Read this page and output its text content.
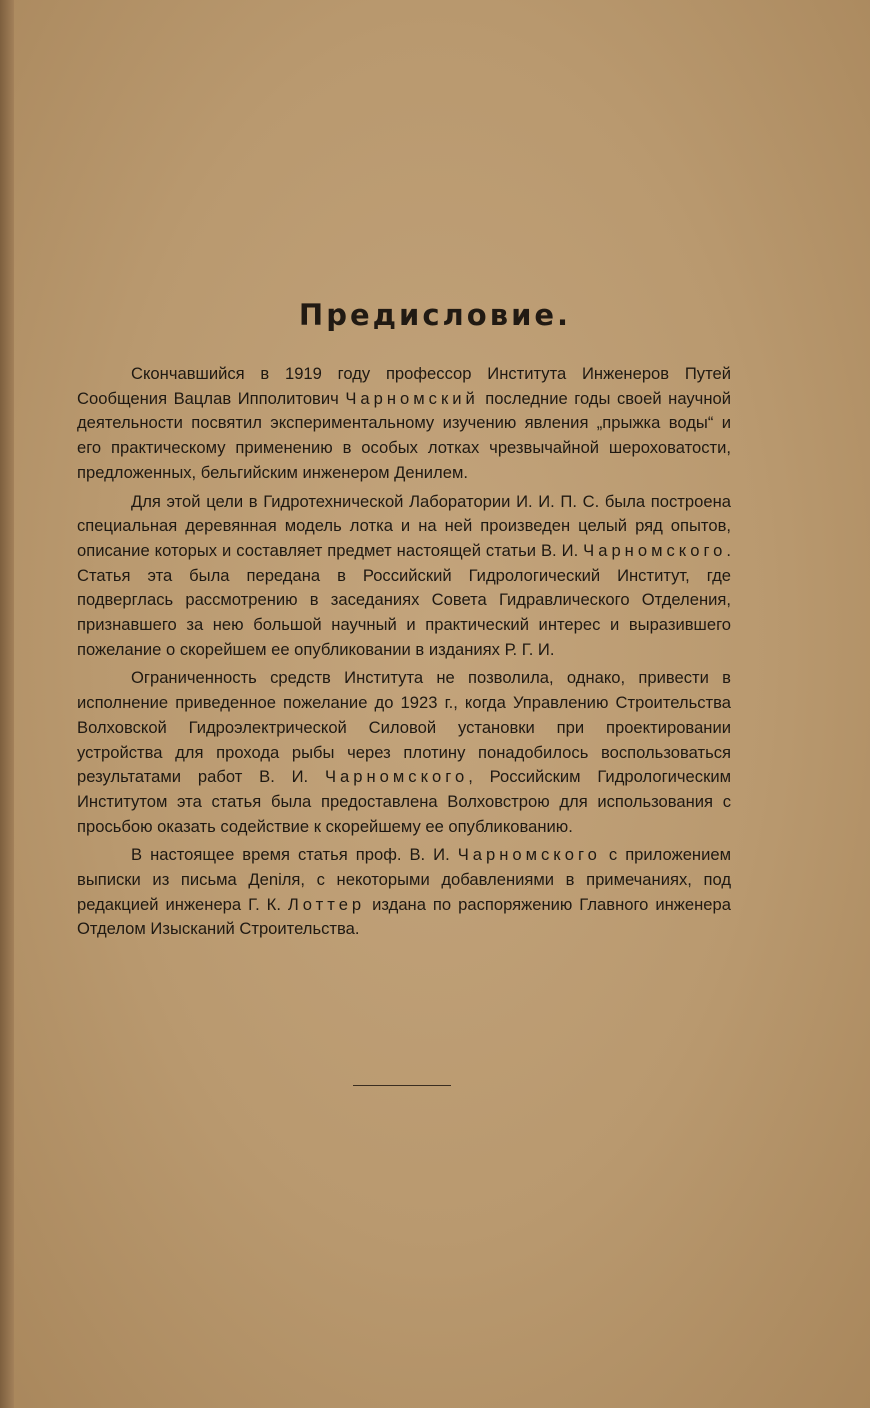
Предисловие.

Скончавшийся в 1919 году профессор Института Инженеров Путей Сообщения Вацлав Ипполитович Чарномский последние годы своей научной деятельности посвятил экспериментальному изучению явления „прыжка воды“ и его практическому применению в особых лотках чрезвычайной шероховатости, предложенных, бельгийским инженером Денилем.

Для этой цели в Гидротехнической Лаборатории И. И. П. С. была построена специальная деревянная модель лотка и на ней произведен целый ряд опытов, описание которых и составляет предмет настоящей статьи В. И. Чарномского. Статья эта была передана в Российский Гидрологический Институт, где подверглась рассмотрению в заседаниях Совета Гидравлического Отделения, признавшего за нею большой научный и практический интерес и выразившего пожелание о скорейшем ее опубликовании в изданиях Р. Г. И.

Ограниченность средств Института не позволила, однако, привести в исполнение приведенное пожелание до 1923 г., когда Управлению Строительства Волховской Гидроэлектрической Силовой установки при проектировании устройства для прохода рыбы через плотину понадобилось воспользоваться результатами работ В. И. Чарномского, Российским Гидрологическим Институтом эта статья была предоставлена Волховстрою для использования с просьбою оказать содействие к скорейшему ее опубликованию.

В настоящее время статья проф. В. И. Чарномского с приложением выписки из письма Деniля, с некоторыми добавлениями в примечаниях, под редакцией инженера Г. К. Лоттер издана по распоряжению Главного инженера Отделом Изысканий Строительства.
